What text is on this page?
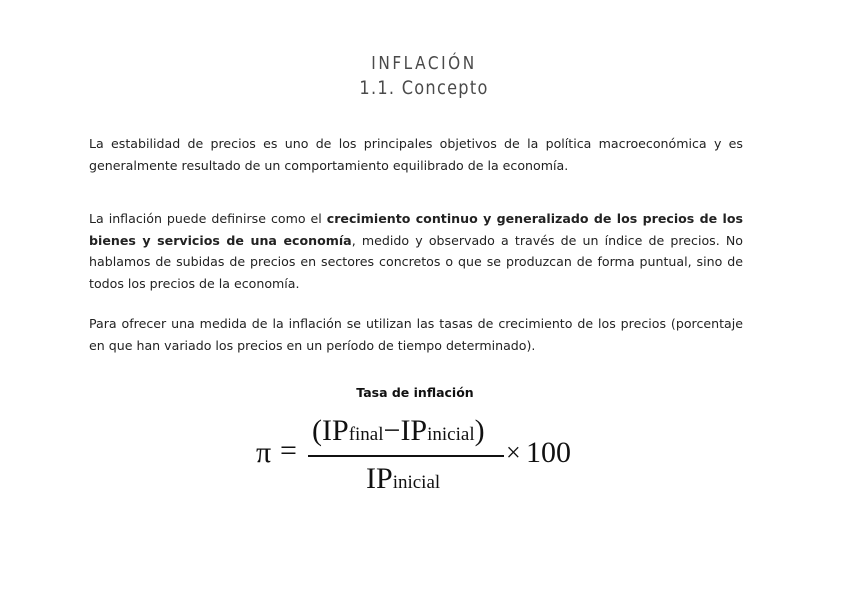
INFLACIÓN
1.1. Concepto

La estabilidad de precios es uno de los principales objetivos de la política macroeconómica y es generalmente resultado de un comportamiento equilibrado de la economía.

La inflación puede definirse como el crecimiento continuo y generalizado de los precios de los bienes y servicios de una economía, medido y observado a través de un índice de precios. No hablamos de subidas de precios en sectores concretos o que se produzcan de forma puntual, sino de todos los precios de la economía.

Para ofrecer una medida de la inflación se utilizan las tasas de crecimiento de los precios (porcentaje en que han variado los precios en un período de tiempo determinado).

Tasa de inflación
π =
(IPfinal−IPinicial)
IPinicial
× 100
